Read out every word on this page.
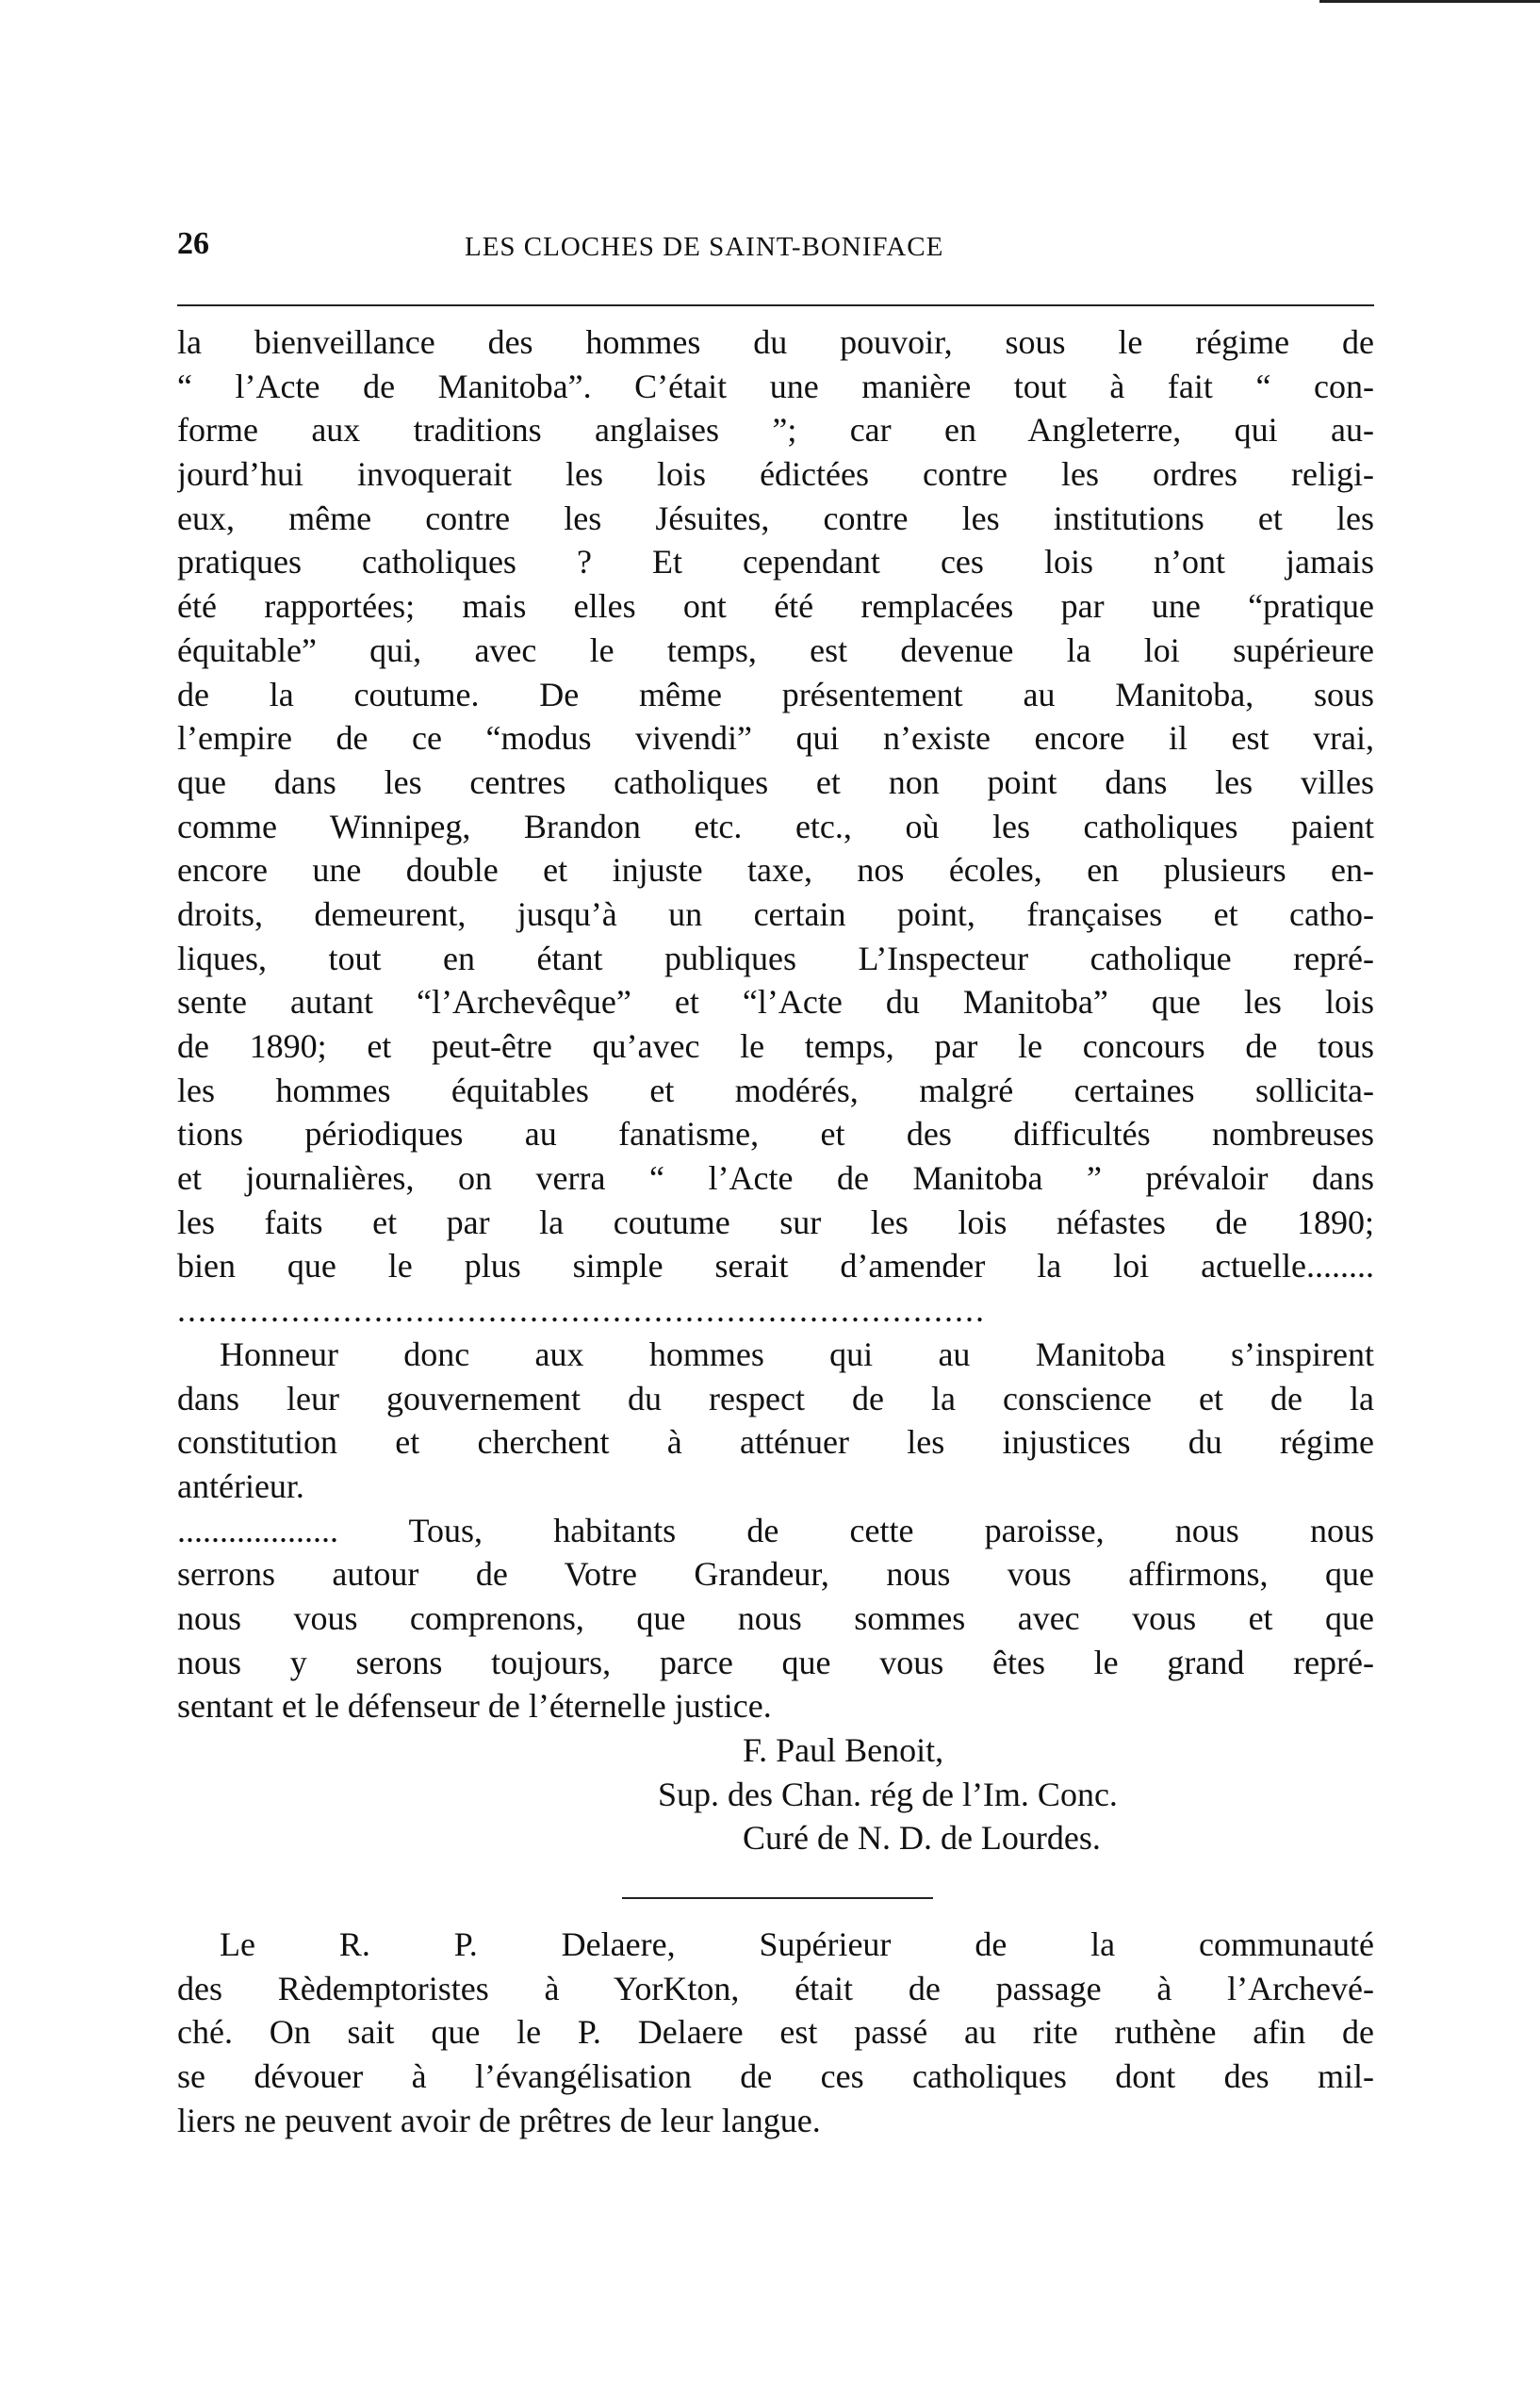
26	LES CLOCHES DE SAINT-BONIFACE
la bienveillance des hommes du pouvoir, sous le régime de
“ l’Acte de Manitoba”. C’était une manière tout à fait “ con-
forme aux traditions anglaises ”; car en Angleterre, qui au-
jourd’hui invoquerait les lois édictées contre les ordres religi-
eux, même contre les Jésuites, contre les institutions et les
pratiques catholiques ? Et cependant ces lois n’ont jamais
été rapportées; mais elles ont été remplacées par une “pratique
équitable” qui, avec le temps, est devenue la loi supérieure
de la coutume. De même présentement au Manitoba, sous
l’empire de ce “modus vivendi” qui n’existe encore il est vrai,
que dans les centres catholiques et non point dans les villes
comme Winnipeg, Brandon etc. etc., où les catholiques paient
encore une double et injuste taxe, nos écoles, en plusieurs en-
droits, demeurent, jusqu’à un certain point, françaises et catho-
liques, tout en étant publiques L’Inspecteur catholique repré-
sente autant “l’Archevêque” et “l’Acte du Manitoba” que les lois
de 1890; et peut-être qu’avec le temps, par le concours de tous
les hommes équitables et modérés, malgré certaines sollicita-
tions périodiques au fanatisme, et des difficultés nombreuses
et journalières, on verra “ l’Acte de Manitoba ” prévaloir dans
les faits et par la coutume sur les lois néfastes de 1890;
bien que le plus simple serait d’amender la loi actuelle........
..............................................................................
Honneur donc aux hommes qui au Manitoba s’inspirent
dans leur gouvernement du respect de la conscience et de la
constitution et cherchent à atténuer les injustices du régime
antérieur.
................... Tous, habitants de cette paroisse, nous nous
serrons autour de Votre Grandeur, nous vous affirmons, que
nous vous comprenons, que nous sommes avec vous et que
nous y serons toujours, parce que vous êtes le grand repré-
sentant et le défenseur de l’éternelle justice.
F. Paul Benoit,
Sup. des Chan. rég de l’Im. Conc.
Curé de N. D. de Lourdes.
Le R. P. Delaere, Supérieur de la communauté
des Rèdemptoristes à YorKton, était de passage à l’Archevé-
ché. On sait que le P. Delaere est passé au rite ruthène afin de
se dévouer à l’évangélisation de ces catholiques dont des mil-
liers ne peuvent avoir de prêtres de leur langue.
